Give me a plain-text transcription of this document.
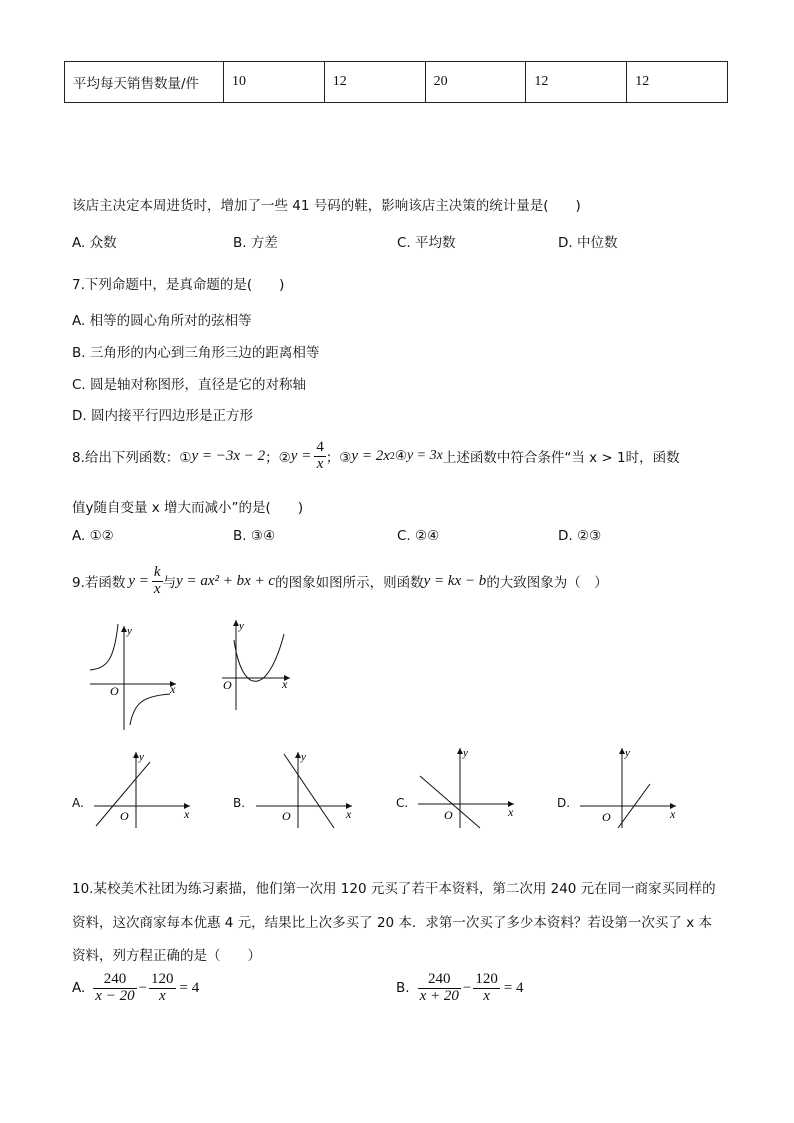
平均每天销售数量/件	10	12	20	12	12
该店主决定本周进货时，增加了一些 41 号码的鞋，影响该店主决策的统计量是(　　)
A. 众数	B. 方差	C. 平均数	D. 中位数
7.下列命题中，是真命题的是(　　)
A. 相等的圆心角所对的弦相等
B. 三角形的内心到三角形三边的距离相等
C. 圆是轴对称图形，直径是它的对称轴
D. 圆内接平行四边形是正方形
8.给出下列函数：① y = −3x − 2 ；② $y = \frac{4}{x}$ ；③ y = 2x 2 ④ y = 3x 上述函数中符合条件“当 x > 1时，函数
值y随自变量 x 增大而减小”的是(　　)
A. ①②	B. ③④	C. ②④	D. ②③
9.若函数 $y = \frac{k}{x}$ 与 y = ax² + bx + c 的图象如图所示，则函数 y = kx − b 的大致图象为（　）
y
x
O
y
x
O
A.
y
x
O
B.
y
x
O
C.
y
x
O
D.
y
x
O
10.某校美术社团为练习素描，他们第一次用 120 元买了若干本资料，第二次用 240 元在同一商家买同样的
资料，这次商家每本优惠 4 元，结果比上次多买了 20 本．求第一次买了多少本资料？若设第一次买了 x 本
资料，列方程正确的是（　　）
A. $\frac{240}{x - 20} - \frac{120}{x} = 4$	B. $\frac{240}{x + 20} - \frac{120}{x} = 4$
